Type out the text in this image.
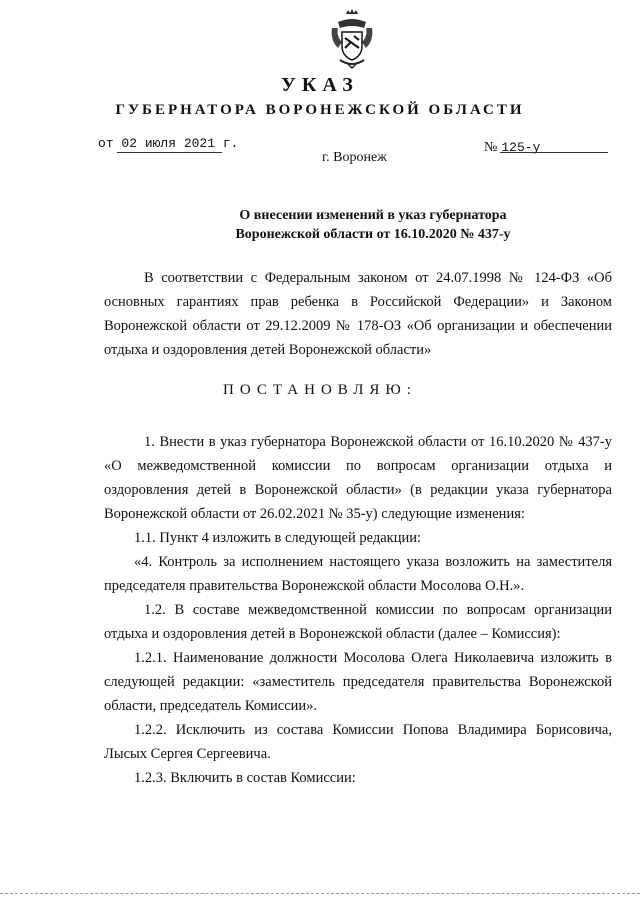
УКАЗ
ГУБЕРНАТОРА ВОРОНЕЖСКОЙ ОБЛАСТИ
от 02 июля 2021 г.	№ 125-у
г. Воронеж
О внесении изменений в указ губернатора
Воронежской области от 16.10.2020 № 437-у

В соответствии с Федеральным законом от 24.07.1998 № 124-ФЗ «Об основных гарантиях прав ребенка в Российской Федерации» и Законом Воронежской области от 29.12.2009 № 178-ОЗ «Об организации и обеспечении отдыха и оздоровления детей Воронежской области»

ПОСТАНОВЛЯЮ:

1. Внести в указ губернатора Воронежской области от 16.10.2020 № 437-у «О межведомственной комиссии по вопросам организации отдыха и оздоровления детей в Воронежской области» (в редакции указа губернатора Воронежской области от 26.02.2021 № 35-у) следующие изменения:

1.1. Пункт 4 изложить в следующей редакции:

«4. Контроль за исполнением настоящего указа возложить на заместителя председателя правительства Воронежской области Мосолова О.Н.».

1.2. В составе межведомственной комиссии по вопросам организации отдыха и оздоровления детей в Воронежской области (далее – Комиссия):

1.2.1. Наименование должности Мосолова Олега Николаевича изложить в следующей редакции: «заместитель председателя правительства Воронежской области, председатель Комиссии».

1.2.2. Исключить из состава Комиссии Попова Владимира Борисовича, Лысых Сергея Сергеевича.

1.2.3. Включить в состав Комиссии:
